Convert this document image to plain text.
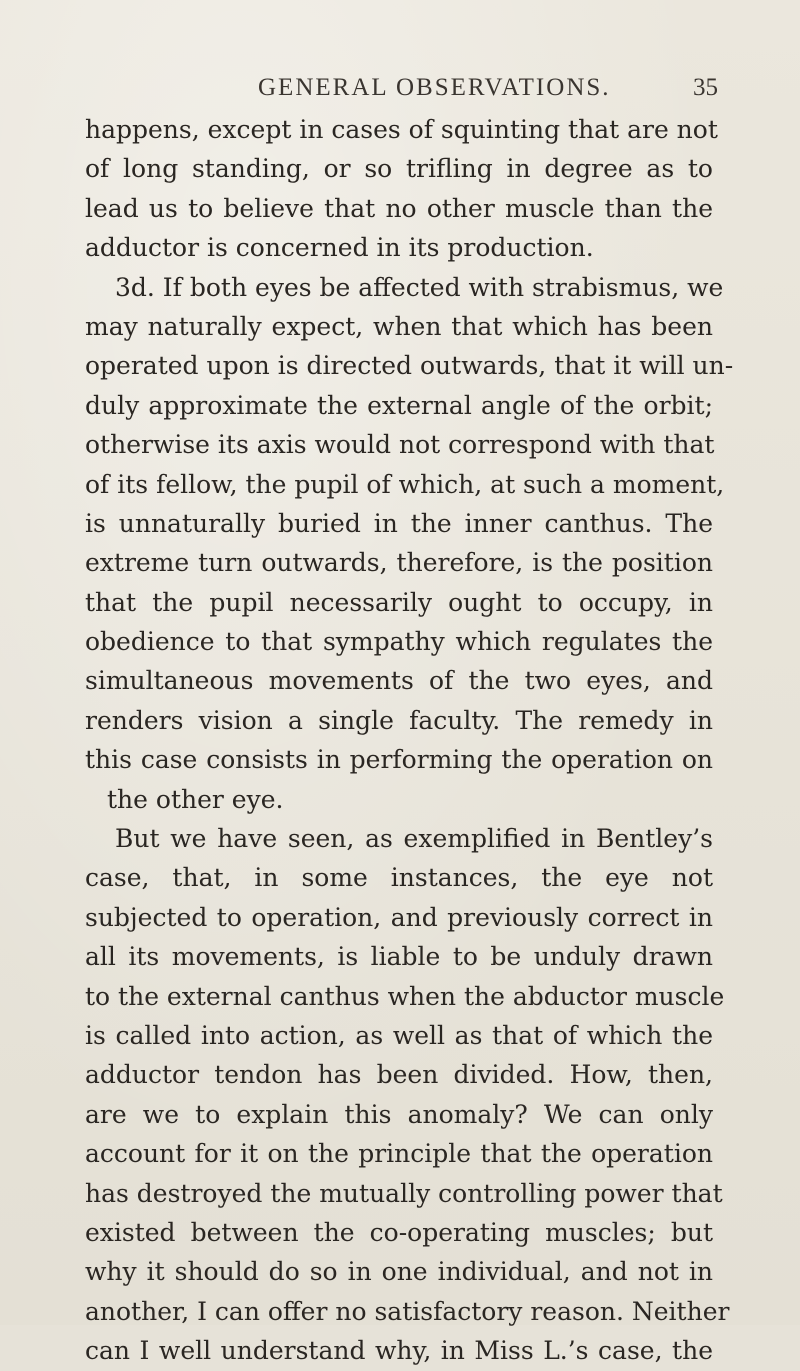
GENERAL OBSERVATIONS.	35
happens, except in cases of squinting that are not
of long standing, or so trifling in degree as to
lead us to believe that no other muscle than the
adductor is concerned in its production.
3d. If both eyes be affected with strabismus, we
may naturally expect, when that which has been
operated upon is directed outwards, that it will un-
duly approximate the external angle of the orbit;
otherwise its axis would not correspond with that
of its fellow, the pupil of which, at such a moment,
is unnaturally buried in the inner canthus. The
extreme turn outwards, therefore, is the position
that the pupil necessarily ought to occupy, in
obedience to that sympathy which regulates the
simultaneous movements of the two eyes, and
renders vision a single faculty. The remedy in
this case consists in performing the operation on
the other eye.
But we have seen, as exemplified in Bentley’s
case, that, in some instances, the eye not
subjected to operation, and previously correct in
all its movements, is liable to be unduly drawn
to the external canthus when the abductor muscle
is called into action, as well as that of which the
adductor tendon has been divided. How, then,
are we to explain this anomaly? We can only
account for it on the principle that the operation
has destroyed the mutually controlling power that
existed between the co-operating muscles; but
why it should do so in one individual, and not in
another, I can offer no satisfactory reason. Neither
can I well understand why, in Miss L.’s case, the
